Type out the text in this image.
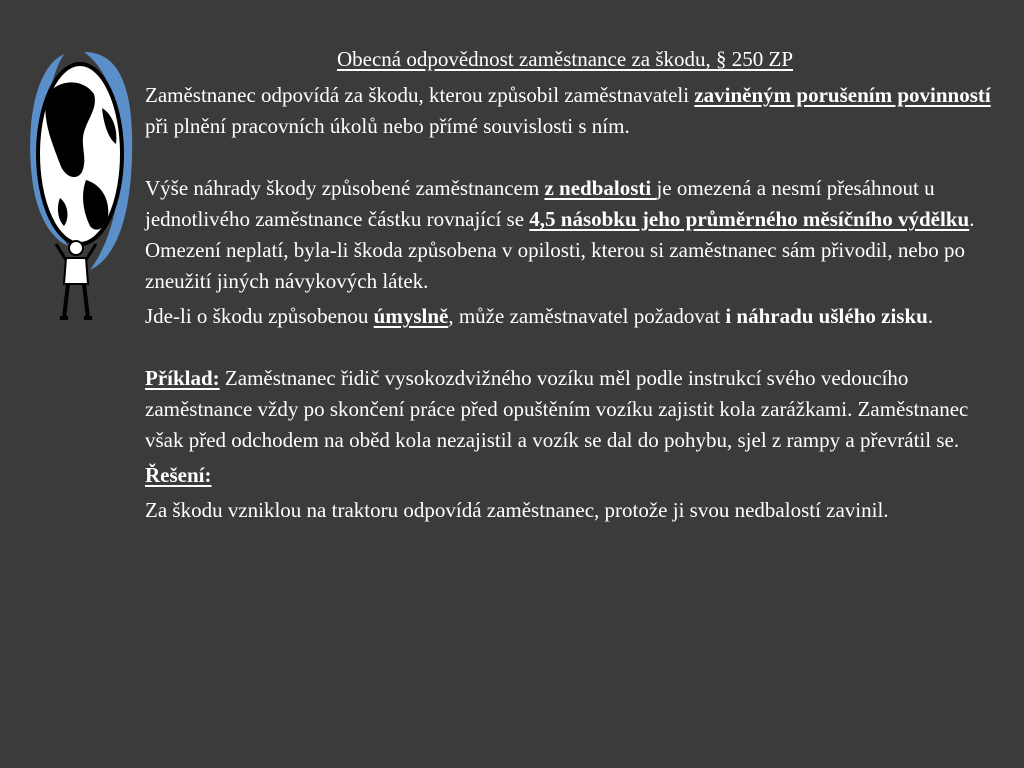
Obecná odpovědnost zaměstnance za škodu, § 250 ZP

Zaměstnanec odpovídá za škodu, kterou způsobil zaměstnavateli zaviněným porušením povinností při plnění pracovních úkolů nebo přímé souvislosti s ním.

Výše náhrady škody způsobené zaměstnancem z nedbalosti je omezená a nesmí přesáhnout u jednotlivého zaměstnance částku rovnající se 4,5 násobku jeho průměrného měsíčního výdělku. Omezení neplatí, byla-li škoda způsobena v opilosti, kterou si zaměstnanec sám přivodil, nebo po zneužití jiných návykových látek.

Jde-li o škodu způsobenou úmyslně, může zaměstnavatel požadovat i náhradu ušlého zisku.

Příklad: Zaměstnanec řidič vysokozdvižného vozíku měl podle instrukcí svého vedoucího zaměstnance vždy po skončení práce před opuštěním vozíku zajistit kola zarážkami. Zaměstnanec však před odchodem na oběd kola nezajistil a vozík se dal do pohybu, sjel z rampy a převrátil se.

Řešení:

Za škodu vzniklou na traktoru odpovídá zaměstnanec, protože ji svou nedbalostí zavinil.
